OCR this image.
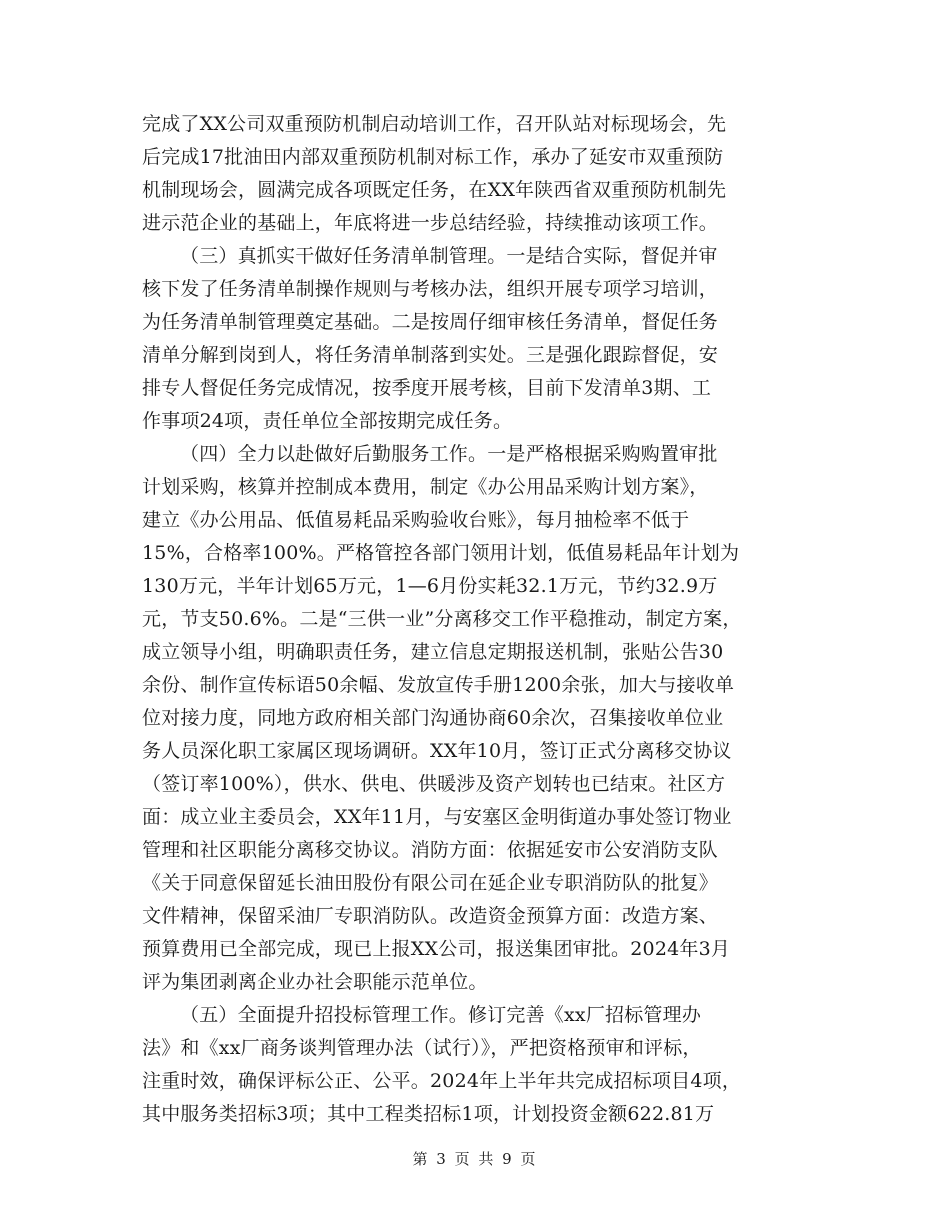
完成了XX公司双重预防机制启动培训工作，召开队站对标现场会，先
后完成17批油田内部双重预防机制对标工作，承办了延安市双重预防
机制现场会，圆满完成各项既定任务，在XX年陕西省双重预防机制先
进示范企业的基础上，年底将进一步总结经验，持续推动该项工作。
（三）真抓实干做好任务清单制管理。一是结合实际，督促并审
核下发了任务清单制操作规则与考核办法，组织开展专项学习培训，
为任务清单制管理奠定基础。二是按周仔细审核任务清单，督促任务
清单分解到岗到人，将任务清单制落到实处。三是强化跟踪督促，安
排专人督促任务完成情况，按季度开展考核，目前下发清单3期、工
作事项24项，责任单位全部按期完成任务。
（四）全力以赴做好后勤服务工作。一是严格根据采购购置审批
计划采购，核算并控制成本费用，制定《办公用品采购计划方案》，
建立《办公用品、低值易耗品采购验收台账》，每月抽检率不低于
15%，合格率100%。严格管控各部门领用计划，低值易耗品年计划为
130万元，半年计划65万元，1—6月份实耗32.1万元，节约32.9万
元，节支50.6%。二是“三供一业”分离移交工作平稳推动，制定方案，
成立领导小组，明确职责任务，建立信息定期报送机制，张贴公告30
余份、制作宣传标语50余幅、发放宣传手册1200余张，加大与接收单
位对接力度，同地方政府相关部门沟通协商60余次，召集接收单位业
务人员深化职工家属区现场调研。XX年10月，签订正式分离移交协议
（签订率100%），供水、供电、供暖涉及资产划转也已结束。社区方
面：成立业主委员会，XX年11月，与安塞区金明街道办事处签订物业
管理和社区职能分离移交协议。消防方面：依据延安市公安消防支队
《关于同意保留延长油田股份有限公司在延企业专职消防队的批复》
文件精神，保留采油厂专职消防队。改造资金预算方面：改造方案、
预算费用已全部完成，现已上报XX公司，报送集团审批。2024年3月
评为集团剥离企业办社会职能示范单位。
（五）全面提升招投标管理工作。修订完善《xx厂招标管理办
法》和《xx厂商务谈判管理办法（试行）》，严把资格预审和评标，
注重时效，确保评标公正、公平。2024年上半年共完成招标项目4项，
其中服务类招标3项；其中工程类招标1项，计划投资金额622.81万
第 3 页 共 9 页
